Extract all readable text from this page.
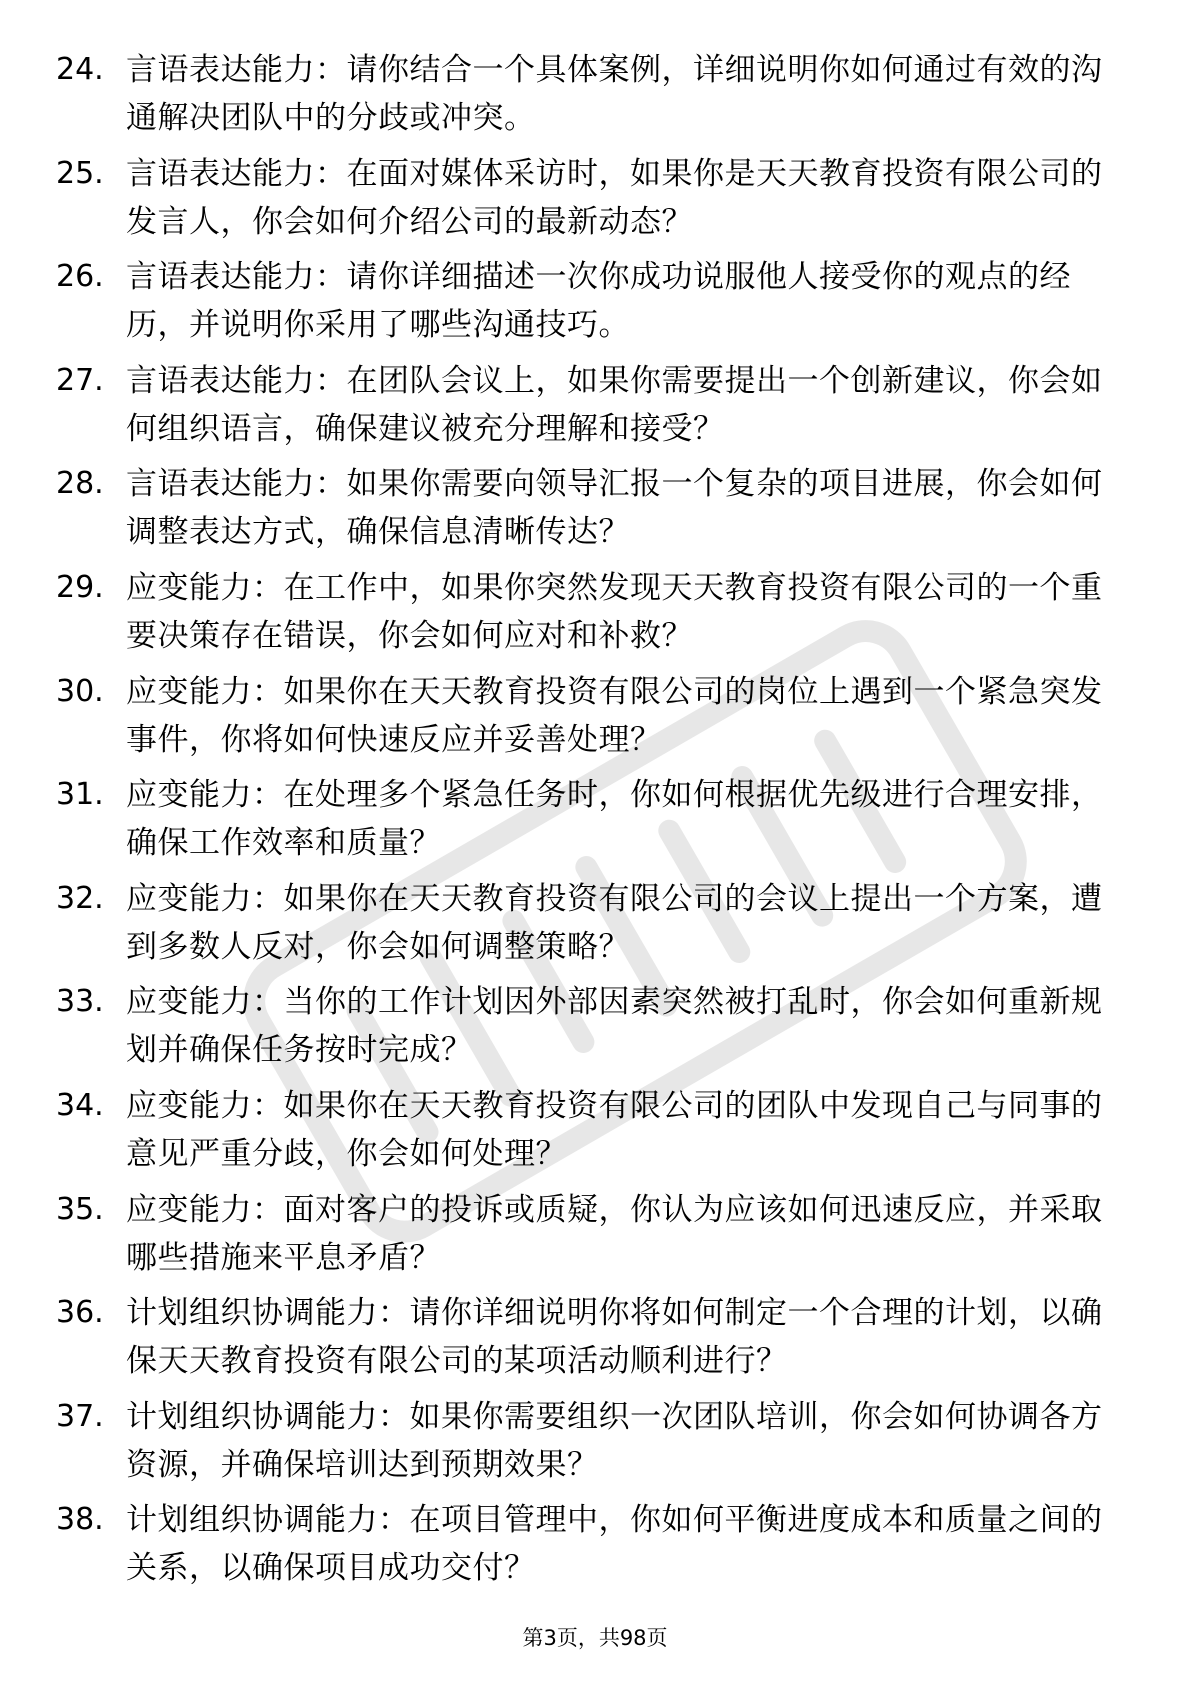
24. 言语表达能力：请你结合一个具体案例，详细说明你如何通过有效的沟通解决团队中的分歧或冲突。
25. 言语表达能力：在面对媒体采访时，如果你是天天教育投资有限公司的发言人，你会如何介绍公司的最新动态？
26. 言语表达能力：请你详细描述一次你成功说服他人接受你的观点的经历，并说明你采用了哪些沟通技巧。
27. 言语表达能力：在团队会议上，如果你需要提出一个创新建议，你会如何组织语言，确保建议被充分理解和接受？
28. 言语表达能力：如果你需要向领导汇报一个复杂的项目进展，你会如何调整表达方式，确保信息清晰传达？
29. 应变能力：在工作中，如果你突然发现天天教育投资有限公司的一个重要决策存在错误，你会如何应对和补救？
30. 应变能力：如果你在天天教育投资有限公司的岗位上遇到一个紧急突发事件，你将如何快速反应并妥善处理？
31. 应变能力：在处理多个紧急任务时，你如何根据优先级进行合理安排，确保工作效率和质量？
32. 应变能力：如果你在天天教育投资有限公司的会议上提出一个方案，遭到多数人反对，你会如何调整策略？
33. 应变能力：当你的工作计划因外部因素突然被打乱时，你会如何重新规划并确保任务按时完成？
34. 应变能力：如果你在天天教育投资有限公司的团队中发现自己与同事的意见严重分歧，你会如何处理？
35. 应变能力：面对客户的投诉或质疑，你认为应该如何迅速反应，并采取哪些措施来平息矛盾？
36. 计划组织协调能力：请你详细说明你将如何制定一个合理的计划，以确保天天教育投资有限公司的某项活动顺利进行？
37. 计划组织协调能力：如果你需要组织一次团队培训，你会如何协调各方资源，并确保培训达到预期效果？
38. 计划组织协调能力：在项目管理中，你如何平衡进度成本和质量之间的关系，以确保项目成功交付？
第3页，共98页
